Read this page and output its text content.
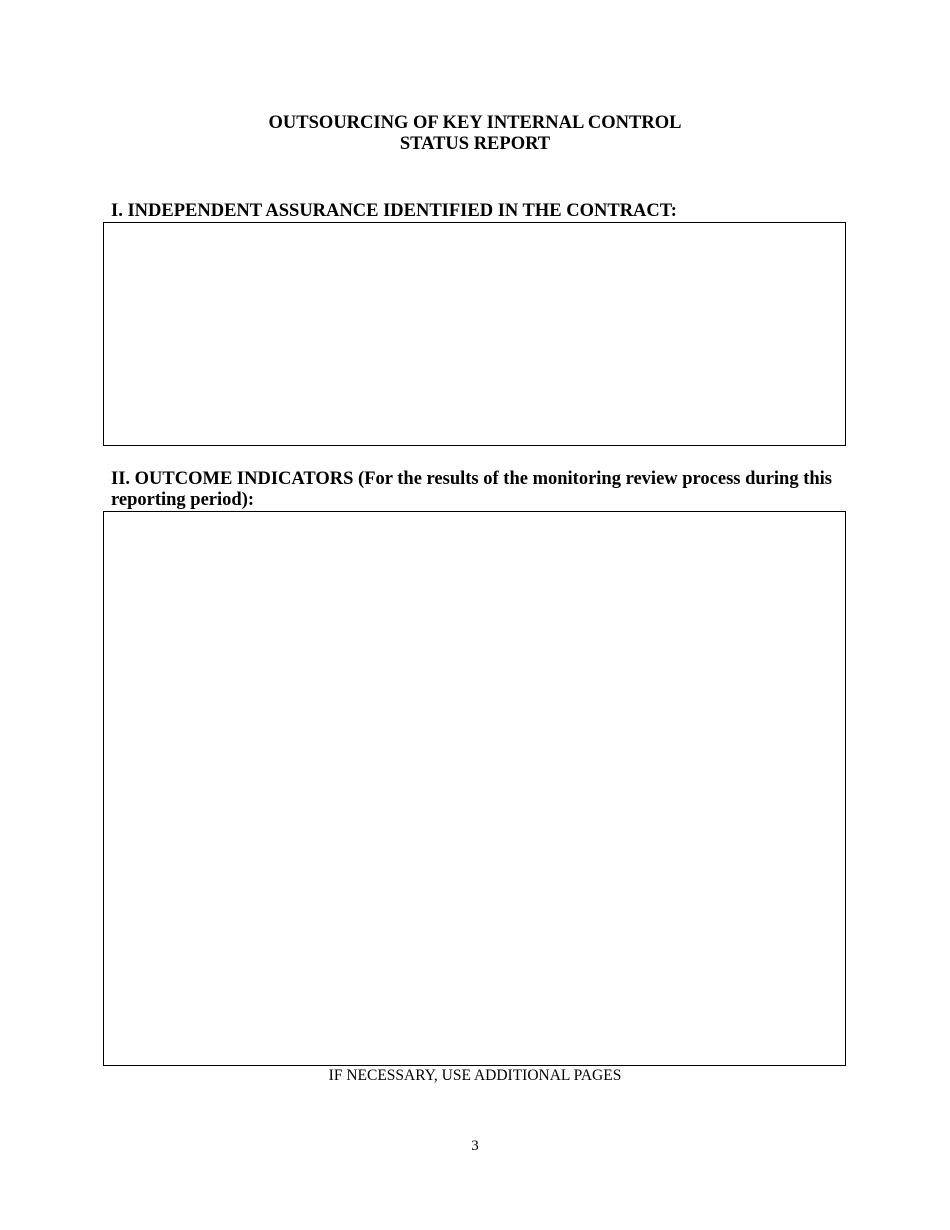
OUTSOURCING OF KEY INTERNAL CONTROL
STATUS REPORT
I. INDEPENDENT ASSURANCE IDENTIFIED IN THE CONTRACT:
II. OUTCOME INDICATORS (For the results of the monitoring review process during this reporting period):
IF NECESSARY, USE ADDITIONAL PAGES
3
